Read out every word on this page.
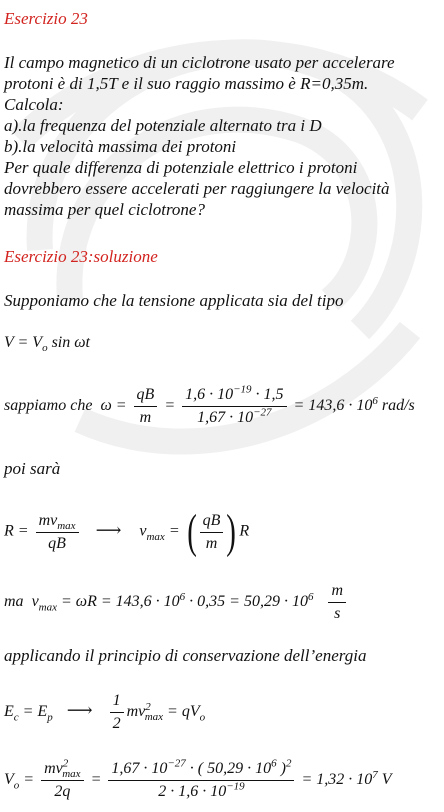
Esercizio 23
Il campo magnetico di un ciclotrone usato per accelerare
protoni è di 1,5T e il suo raggio massimo è R=0,35m.
Calcola:
a).la frequenza del potenziale alternato tra i D
b).la velocità massima dei protoni
Per quale differenza di potenziale elettrico i protoni
dovrebbero essere accelerati per raggiungere la velocità
massima per quel ciclotrone?
Esercizio 23:soluzione
Supponiamo che la tensione applicata sia del tipo
$V = V_o$ sin ωt
sappiamo che  $\omega = \frac{qB}{m} = \frac{1,6 \cdot 10^{-19} \cdot 1,5}{1,67 \cdot 10^{-27}} = 143,6 \cdot 10^6$ rad/s
poi sarà
$R = \frac{mv_{max}}{qB}$ ⟶  $v_{max}$ = ( $\frac{qB}{m}$ ) R
ma  $v_{max} = \omega R = 143,6 \cdot 10^6 \cdot 0,35 = 50,29 \cdot 10^6 \frac{m}{s}$
applicando il principio di conservazione dell’energia
$E_c = E_p$ ⟶ $\frac{1}{2} mv^2_{max} = qV_o$
$V_o = \frac{mv^2_{max}}{2q} = \frac{1,67 \cdot 10^{-27} \cdot ( 50,29 \cdot 10^6 )^2}{2 \cdot 1,6 \cdot 10^{-19}} = 1,32 \cdot 10^7$ V
